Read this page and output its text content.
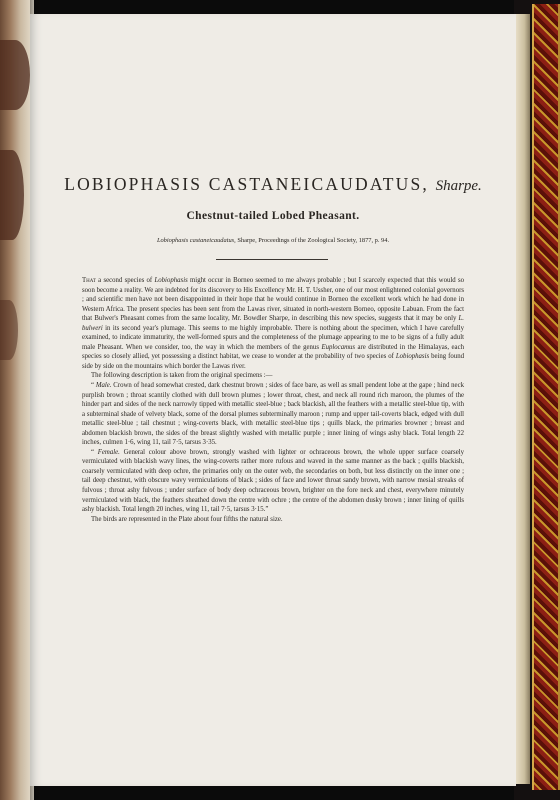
LOBIOPHASIS CASTANEICAUDATUS, Sharpe.
Chestnut-tailed Lobed Pheasant.

Lobiophasis castaneicaudatus, Sharpe, Proceedings of the Zoological Society, 1877, p. 94.

That a second species of Lobiophasis might occur in Borneo seemed to me always probable ; but I scarcely expected that this would so soon become a reality. We are indebted for its discovery to His Excellency Mr. H. T. Ussher, one of our most enlightened colonial governors ; and scientific men have not been disappointed in their hope that he would continue in Borneo the excellent work which he had done in Western Africa. The present species has been sent from the Lawas river, situated in north-western Borneo, opposite Labuan. From the fact that Bulwer's Pheasant comes from the same locality, Mr. Bowdler Sharpe, in describing this new species, suggests that it may be only L. bulweri in its second year's plumage. This seems to me highly improbable. There is nothing about the specimen, which I have carefully examined, to indicate immaturity, the well-formed spurs and the completeness of the plumage appearing to me to be signs of a fully adult male Pheasant. When we consider, too, the way in which the members of the genus Euplocamus are distributed in the Himalayas, each species so closely allied, yet possessing a distinct habitat, we cease to wonder at the probability of two species of Lobiophasis being found side by side on the mountains which border the Lawas river.

The following description is taken from the original specimens :—

“ Male. Crown of head somewhat crested, dark chestnut brown ; sides of face bare, as well as small pendent lobe at the gape ; hind neck purplish brown ; throat scantily clothed with dull brown plumes ; lower throat, chest, and neck all round rich maroon, the plumes of the hinder part and sides of the neck narrowly tipped with metallic steel-blue ; back blackish, all the feathers with a metallic steel-blue tip, with a subterminal shade of velvety black, some of the dorsal plumes subterminally maroon ; rump and upper tail-coverts black, edged with dull metallic steel-blue ; tail chestnut ; wing-coverts black, with metallic steel-blue tips ; quills black, the primaries browner ; breast and abdomen blackish brown, the sides of the breast slightly washed with metallic purple ; inner lining of wings ashy black. Total length 22 inches, culmen 1·6, wing 11, tail 7·5, tarsus 3·35.

“ Female. General colour above brown, strongly washed with lighter or ochraceous brown, the whole upper surface coarsely vermiculated with blackish wavy lines, the wing-coverts rather more rufous and waved in the same manner as the back ; quills blackish, coarsely vermiculated with deep ochre, the primaries only on the outer web, the secondaries on both, but less distinctly on the inner one ; tail deep chestnut, with obscure wavy vermiculations of black ; sides of face and lower throat sandy brown, with narrow mesial streaks of fulvous ; throat ashy fulvous ; under surface of body deep ochraceous brown, brighter on the fore neck and chest, everywhere minutely vermiculated with black, the feathers sheathed down the centre with ochre ; the centre of the abdomen dusky brown ; inner lining of quills ashy blackish. Total length 20 inches, wing 11, tail 7·5, tarsus 3·15.”

The birds are represented in the Plate about four fifths the natural size.
